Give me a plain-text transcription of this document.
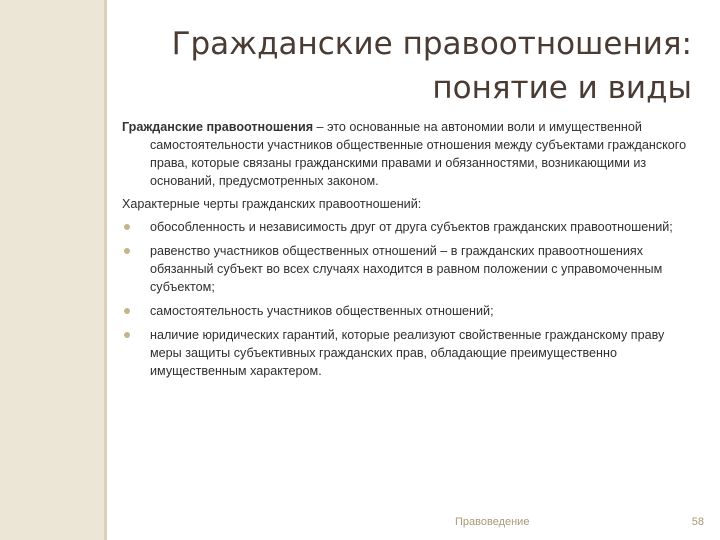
Гражданские правоотношения:
понятие и виды

Гражданские правоотношения – это основанные на автономии воли и имущественной самостоятельности участников общественные отношения между субъектами гражданского права, которые связаны гражданскими правами и обязанностями, возникающими из оснований, предусмотренных законом.

Характерные черты гражданских правоотношений:

обособленность и независимость друг от друга субъектов гражданских правоотношений;
равенство участников общественных отношений – в гражданских правоотношениях обязанный субъект во всех случаях находится в равном положении с управомоченным субъектом;
самостоятельность участников общественных отношений;
наличие юридических гарантий, которые реализуют свойственные гражданскому праву меры защиты субъективных гражданских прав, обладающие преимущественно имущественным характером.
Правоведение	58
